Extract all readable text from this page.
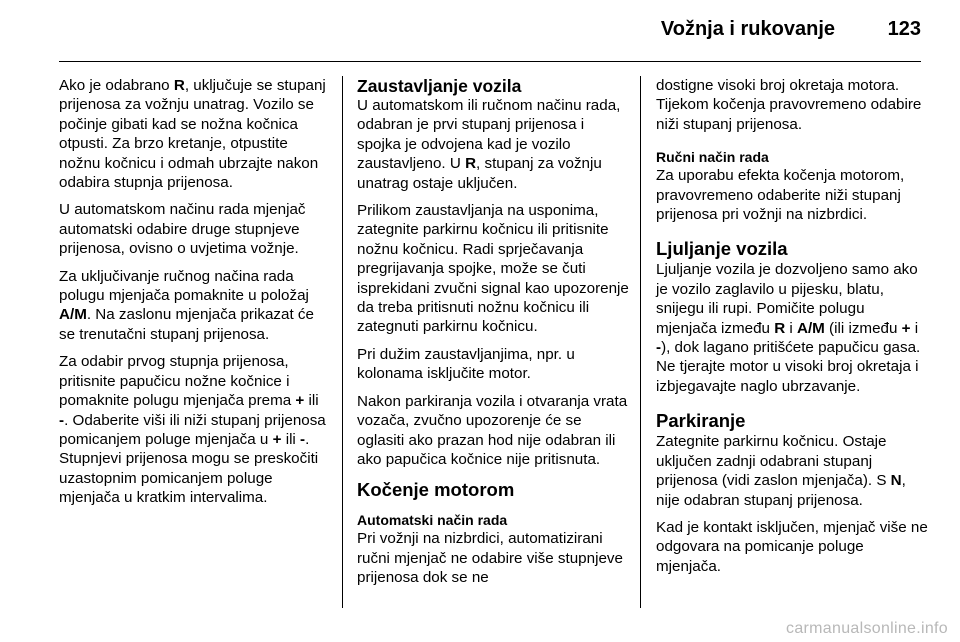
Vožnja i rukovanje	123

Ako je odabrano R, uključuje se stupanj prijenosa za vožnju unatrag. Vozilo se počinje gibati kad se nožna kočnica otpusti. Za brzo kretanje, otpustite nožnu kočnicu i odmah ubrzajte nakon odabira stupnja prijenosa.

U automatskom načinu rada mjenjač automatski odabire druge stupnjeve prijenosa, ovisno o uvjetima vožnje.

Za uključivanje ručnog načina rada polugu mjenjača pomaknite u položaj A/M. Na zaslonu mjenjača prikazat će se trenutačni stupanj prijenosa.

Za odabir prvog stupnja prijenosa, pritisnite papučicu nožne kočnice i pomaknite polugu mjenjača prema + ili -. Odaberite viši ili niži stupanj prijenosa pomicanjem poluge mjenjača u + ili -. Stupnjevi prijenosa mogu se preskočiti uzastopnim pomicanjem poluge mjenjača u kratkim intervalima.

Zaustavljanje vozila

U automatskom ili ručnom načinu rada, odabran je prvi stupanj prijenosa i spojka je odvojena kad je vozilo zaustavljeno. U R, stupanj za vožnju unatrag ostaje uključen.

Prilikom zaustavljanja na usponima, zategnite parkirnu kočnicu ili pritisnite nožnu kočnicu. Radi sprječavanja pregrijavanja spojke, može se čuti isprekidani zvučni signal kao upozorenje da treba pritisnuti nožnu kočnicu ili zategnuti parkirnu kočnicu.

Pri dužim zaustavljanjima, npr. u kolonama isključite motor.

Nakon parkiranja vozila i otvaranja vrata vozača, zvučno upozorenje će se oglasiti ako prazan hod nije odabran ili ako papučica kočnice nije pritisnuta.

Kočenje motorom
Automatski način rada

Pri vožnji na nizbrdici, automatizirani ručni mjenjač ne odabire više stupnjeve prijenosa dok se ne

dostigne visoki broj okretaja motora. Tijekom kočenja pravovremeno odabire niži stupanj prijenosa.

Ručni način rada

Za uporabu efekta kočenja motorom, pravovremeno odaberite niži stupanj prijenosa pri vožnji na nizbrdici.

Ljuljanje vozila

Ljuljanje vozila je dozvoljeno samo ako je vozilo zaglavilo u pijesku, blatu, snijegu ili rupi. Pomičite polugu mjenjača između R i A/M (ili između + i -), dok lagano pritišćete papučicu gasa. Ne tjerajte motor u visoki broj okretaja i izbjegavajte naglo ubrzavanje.

Parkiranje

Zategnite parkirnu kočnicu. Ostaje uključen zadnji odabrani stupanj prijenosa (vidi zaslon mjenjača). S N, nije odabran stupanj prijenosa.

Kad je kontakt isključen, mjenjač više ne odgovara na pomicanje poluge mjenjača.

carmanualsonline.info
